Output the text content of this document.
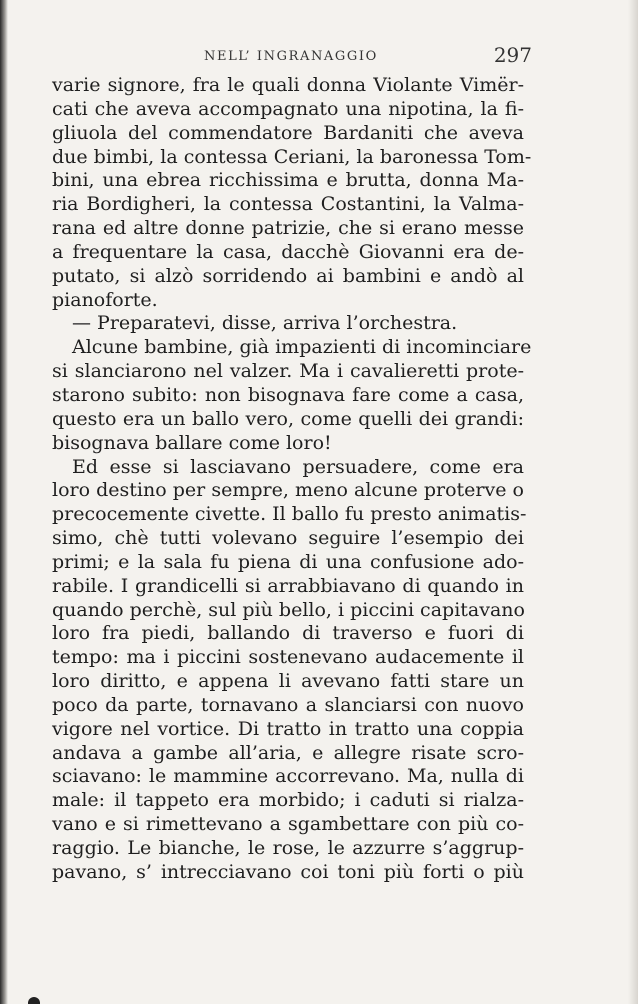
NELL’ INGRANAGGIO	297
varie signore, fra le quali donna Violante Vimër-
cati che aveva accompagnato una nipotina, la fi-
gliuola del commendatore Bardaniti che aveva
due bimbi, la contessa Ceriani, la baronessa Tom-
bini, una ebrea ricchissima e brutta, donna Ma-
ria Bordigheri, la contessa Costantini, la Valma-
rana ed altre donne patrizie, che si erano messe
a frequentare la casa, dacchè Giovanni era de-
putato, si alzò sorridendo ai bambini e andò al
pianoforte.
— Preparatevi, disse, arriva l’orchestra.
Alcune bambine, già impazienti di incominciare
si slanciarono nel valzer. Ma i cavalieretti prote-
starono subito: non bisognava fare come a casa,
questo era un ballo vero, come quelli dei grandi:
bisognava ballare come loro!
Ed esse si lasciavano persuadere, come era
loro destino per sempre, meno alcune proterve o
precocemente civette. Il ballo fu presto animatis-
simo, chè tutti volevano seguire l’esempio dei
primi; e la sala fu piena di una confusione ado-
rabile. I grandicelli si arrabbiavano di quando in
quando perchè, sul più bello, i piccini capitavano
loro fra piedi, ballando di traverso e fuori di
tempo: ma i piccini sostenevano audacemente il
loro diritto, e appena li avevano fatti stare un
poco da parte, tornavano a slanciarsi con nuovo
vigore nel vortice. Di tratto in tratto una coppia
andava a gambe all’aria, e allegre risate scro-
sciavano: le mammine accorrevano. Ma, nulla di
male: il tappeto era morbido; i caduti si rialza-
vano e si rimettevano a sgambettare con più co-
raggio. Le bianche, le rose, le azzurre s’aggrup-
pavano, s’ intrecciavano coi toni più forti o più
